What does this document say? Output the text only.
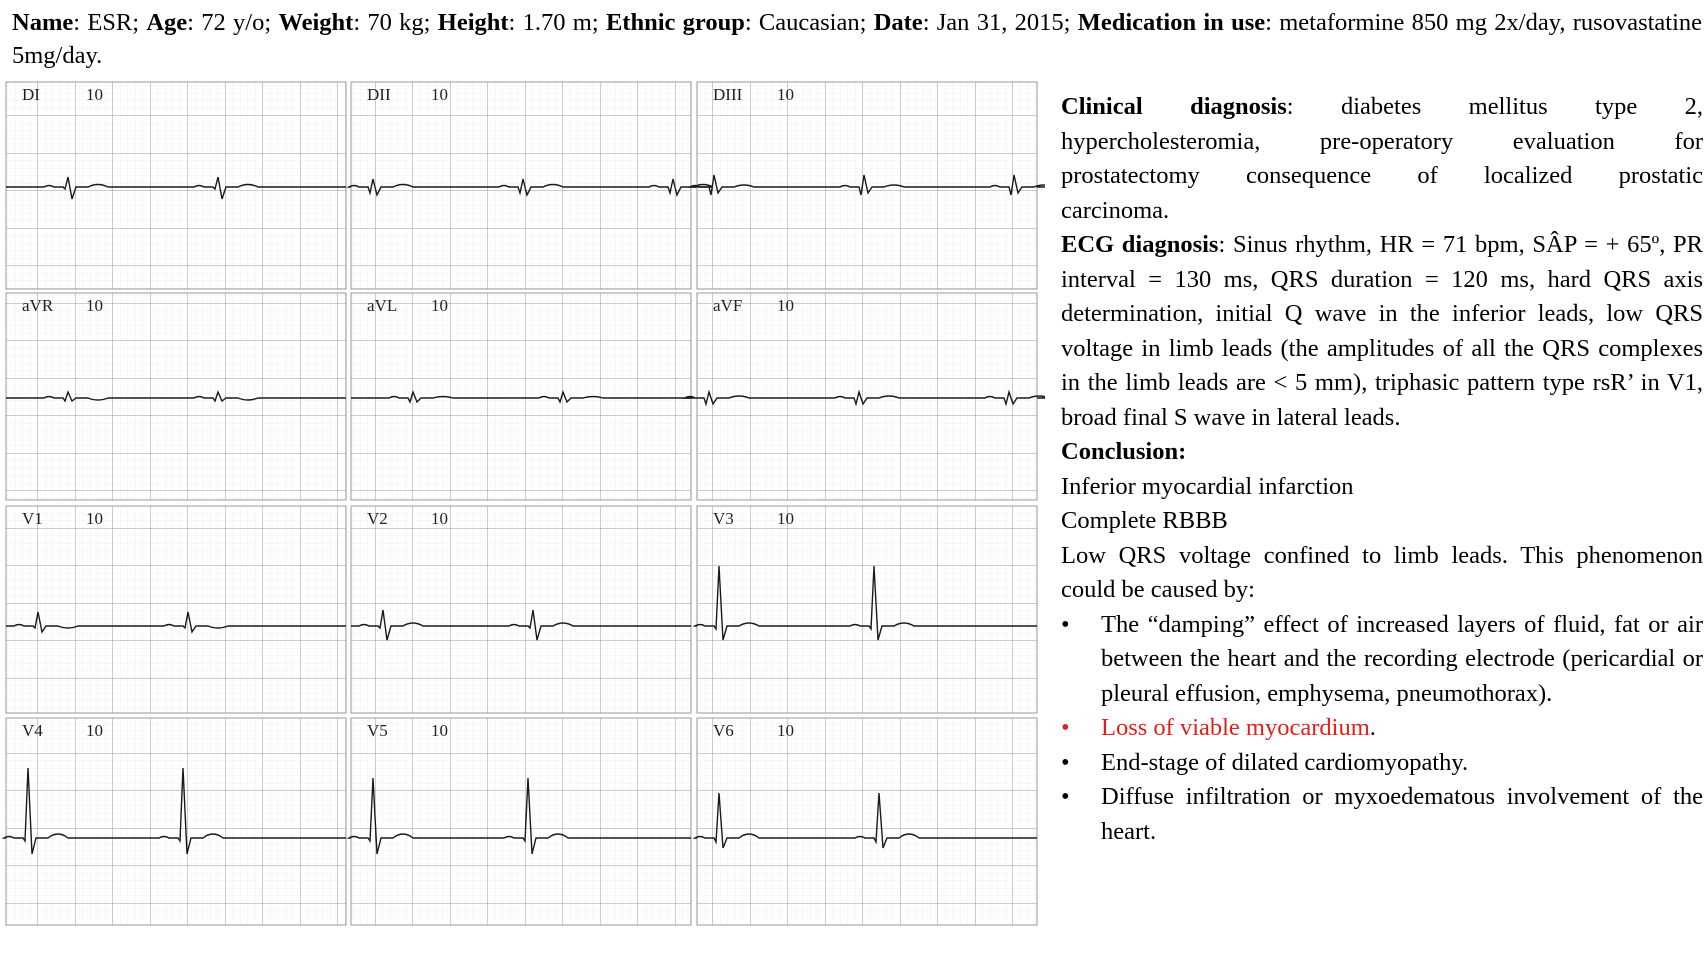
Name: ESR; Age: 72 y/o; Weight: 70 kg; Height: 1.70 m; Ethnic group: Caucasian; Date: Jan 31, 2015; Medication in use: metaformine 850 mg 2x/day, rusovastatine 5mg/day.
DI	10	DII 10	DIII 10
aVR 10	aVL 10	aVF 10
V1	10	V2	10	V3	10
V4	10	V5	10	V6	10

Clinical diagnosis: diabetes mellitus type 2,

hypercholesteromia, pre-operatory evaluation for

prostatectomy consequence of localized prostatic

carcinoma.

ECG diagnosis: Sinus rhythm, HR = 71 bpm, SÂP = + 65º, PR interval = 130 ms, QRS duration = 120 ms, hard QRS axis determination, initial Q wave in the inferior leads, low QRS voltage in limb leads (the amplitudes of all the QRS complexes in the limb leads are < 5 mm), triphasic pattern type rsR’ in V1, broad final S wave in lateral leads.

Conclusion:

Inferior myocardial infarction

Complete RBBB

Low QRS voltage confined to limb leads. This phenomenon could be caused by:

• The “damping” effect of increased layers of fluid, fat or air between the heart and the recording electrode (pericardial or pleural effusion, emphysema, pneumothorax).
• Loss of viable myocardium.
• End-stage of dilated cardiomyopathy.
• Diffuse infiltration or myxoedematous involvement of the heart.
